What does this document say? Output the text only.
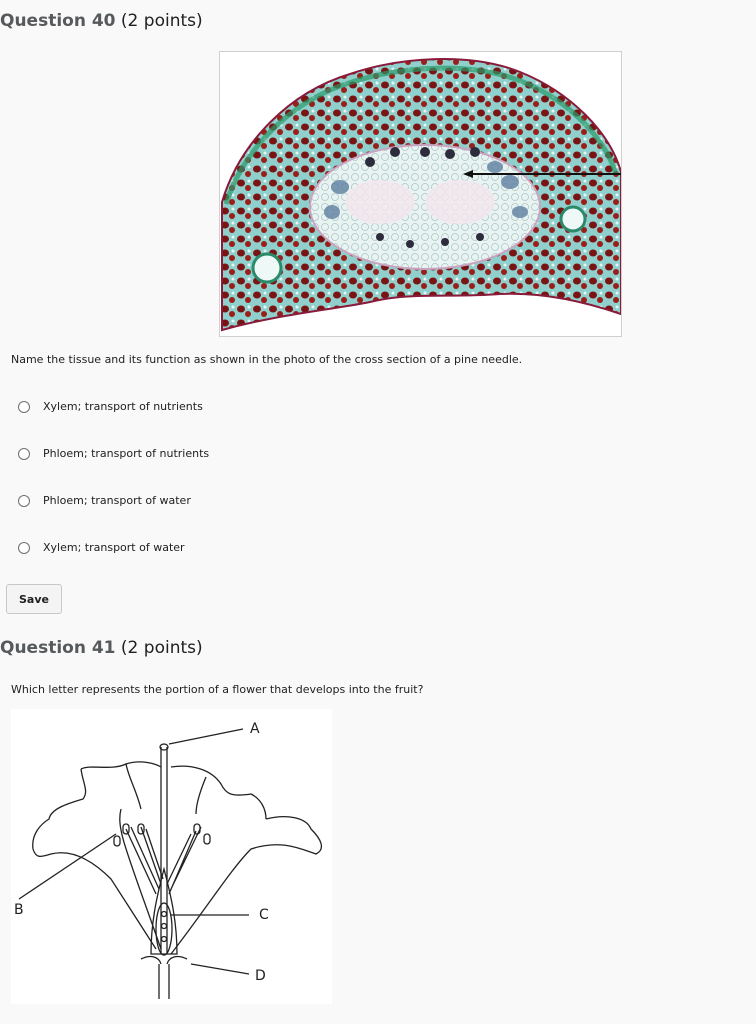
Question 40 (2 points)
Name the tissue and its function as shown in the photo of the cross section of a pine needle.
Xylem; transport of nutrients
Phloem; transport of nutrients
Phloem; transport of water
Xylem; transport of water
Save
Question 41 (2 points)
Which letter represents the portion of a flower that develops into the fruit?
A
B	C
D
